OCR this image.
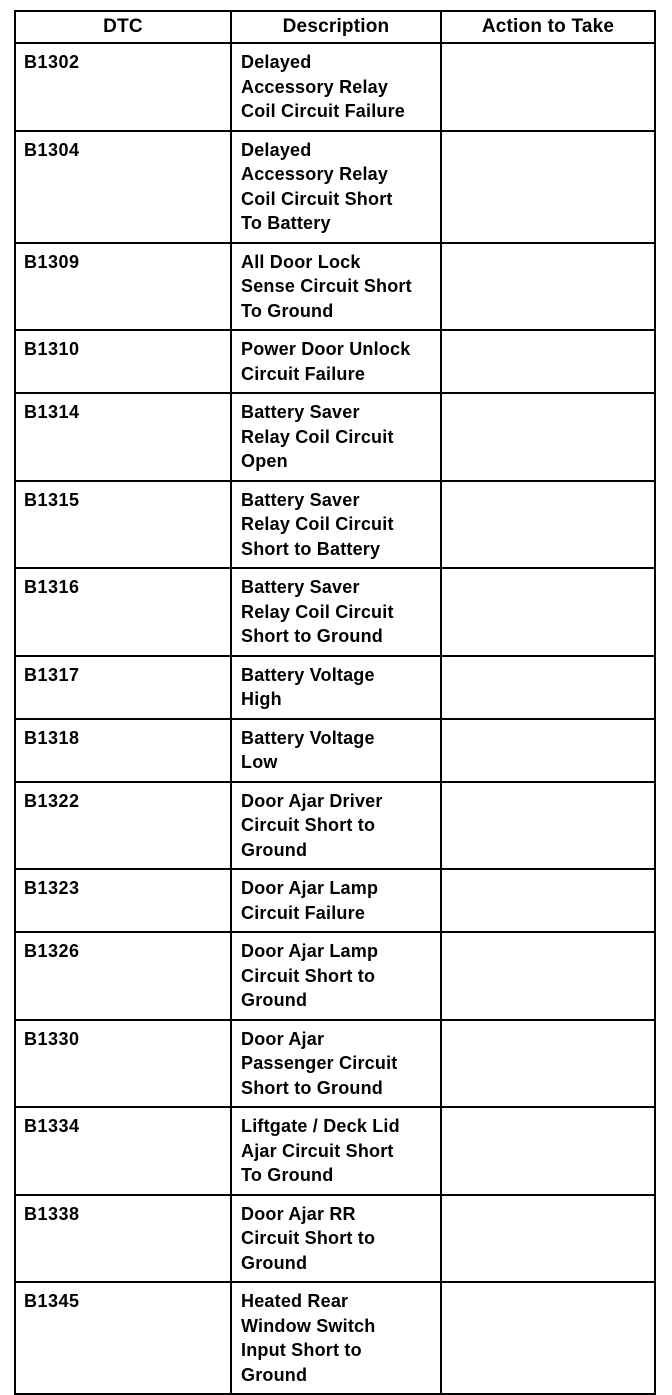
DTC	Description	Action to Take
B1302	Delayed
Accessory Relay
Coil Circuit Failure	
B1304	Delayed
Accessory Relay
Coil Circuit Short
To Battery	
B1309	All Door Lock
Sense Circuit Short
To Ground	
B1310	Power Door Unlock
Circuit Failure	
B1314	Battery Saver
Relay Coil Circuit
Open	
B1315	Battery Saver
Relay Coil Circuit
Short to Battery	
B1316	Battery Saver
Relay Coil Circuit
Short to Ground	
B1317	Battery Voltage
High	
B1318	Battery Voltage
Low	
B1322	Door Ajar Driver
Circuit Short to
Ground	
B1323	Door Ajar Lamp
Circuit Failure	
B1326	Door Ajar Lamp
Circuit Short to
Ground	
B1330	Door Ajar
Passenger Circuit
Short to Ground	
B1334	Liftgate / Deck Lid
Ajar Circuit Short
To Ground	
B1338	Door Ajar RR
Circuit Short to
Ground	
B1345	Heated Rear
Window Switch
Input Short to
Ground	
